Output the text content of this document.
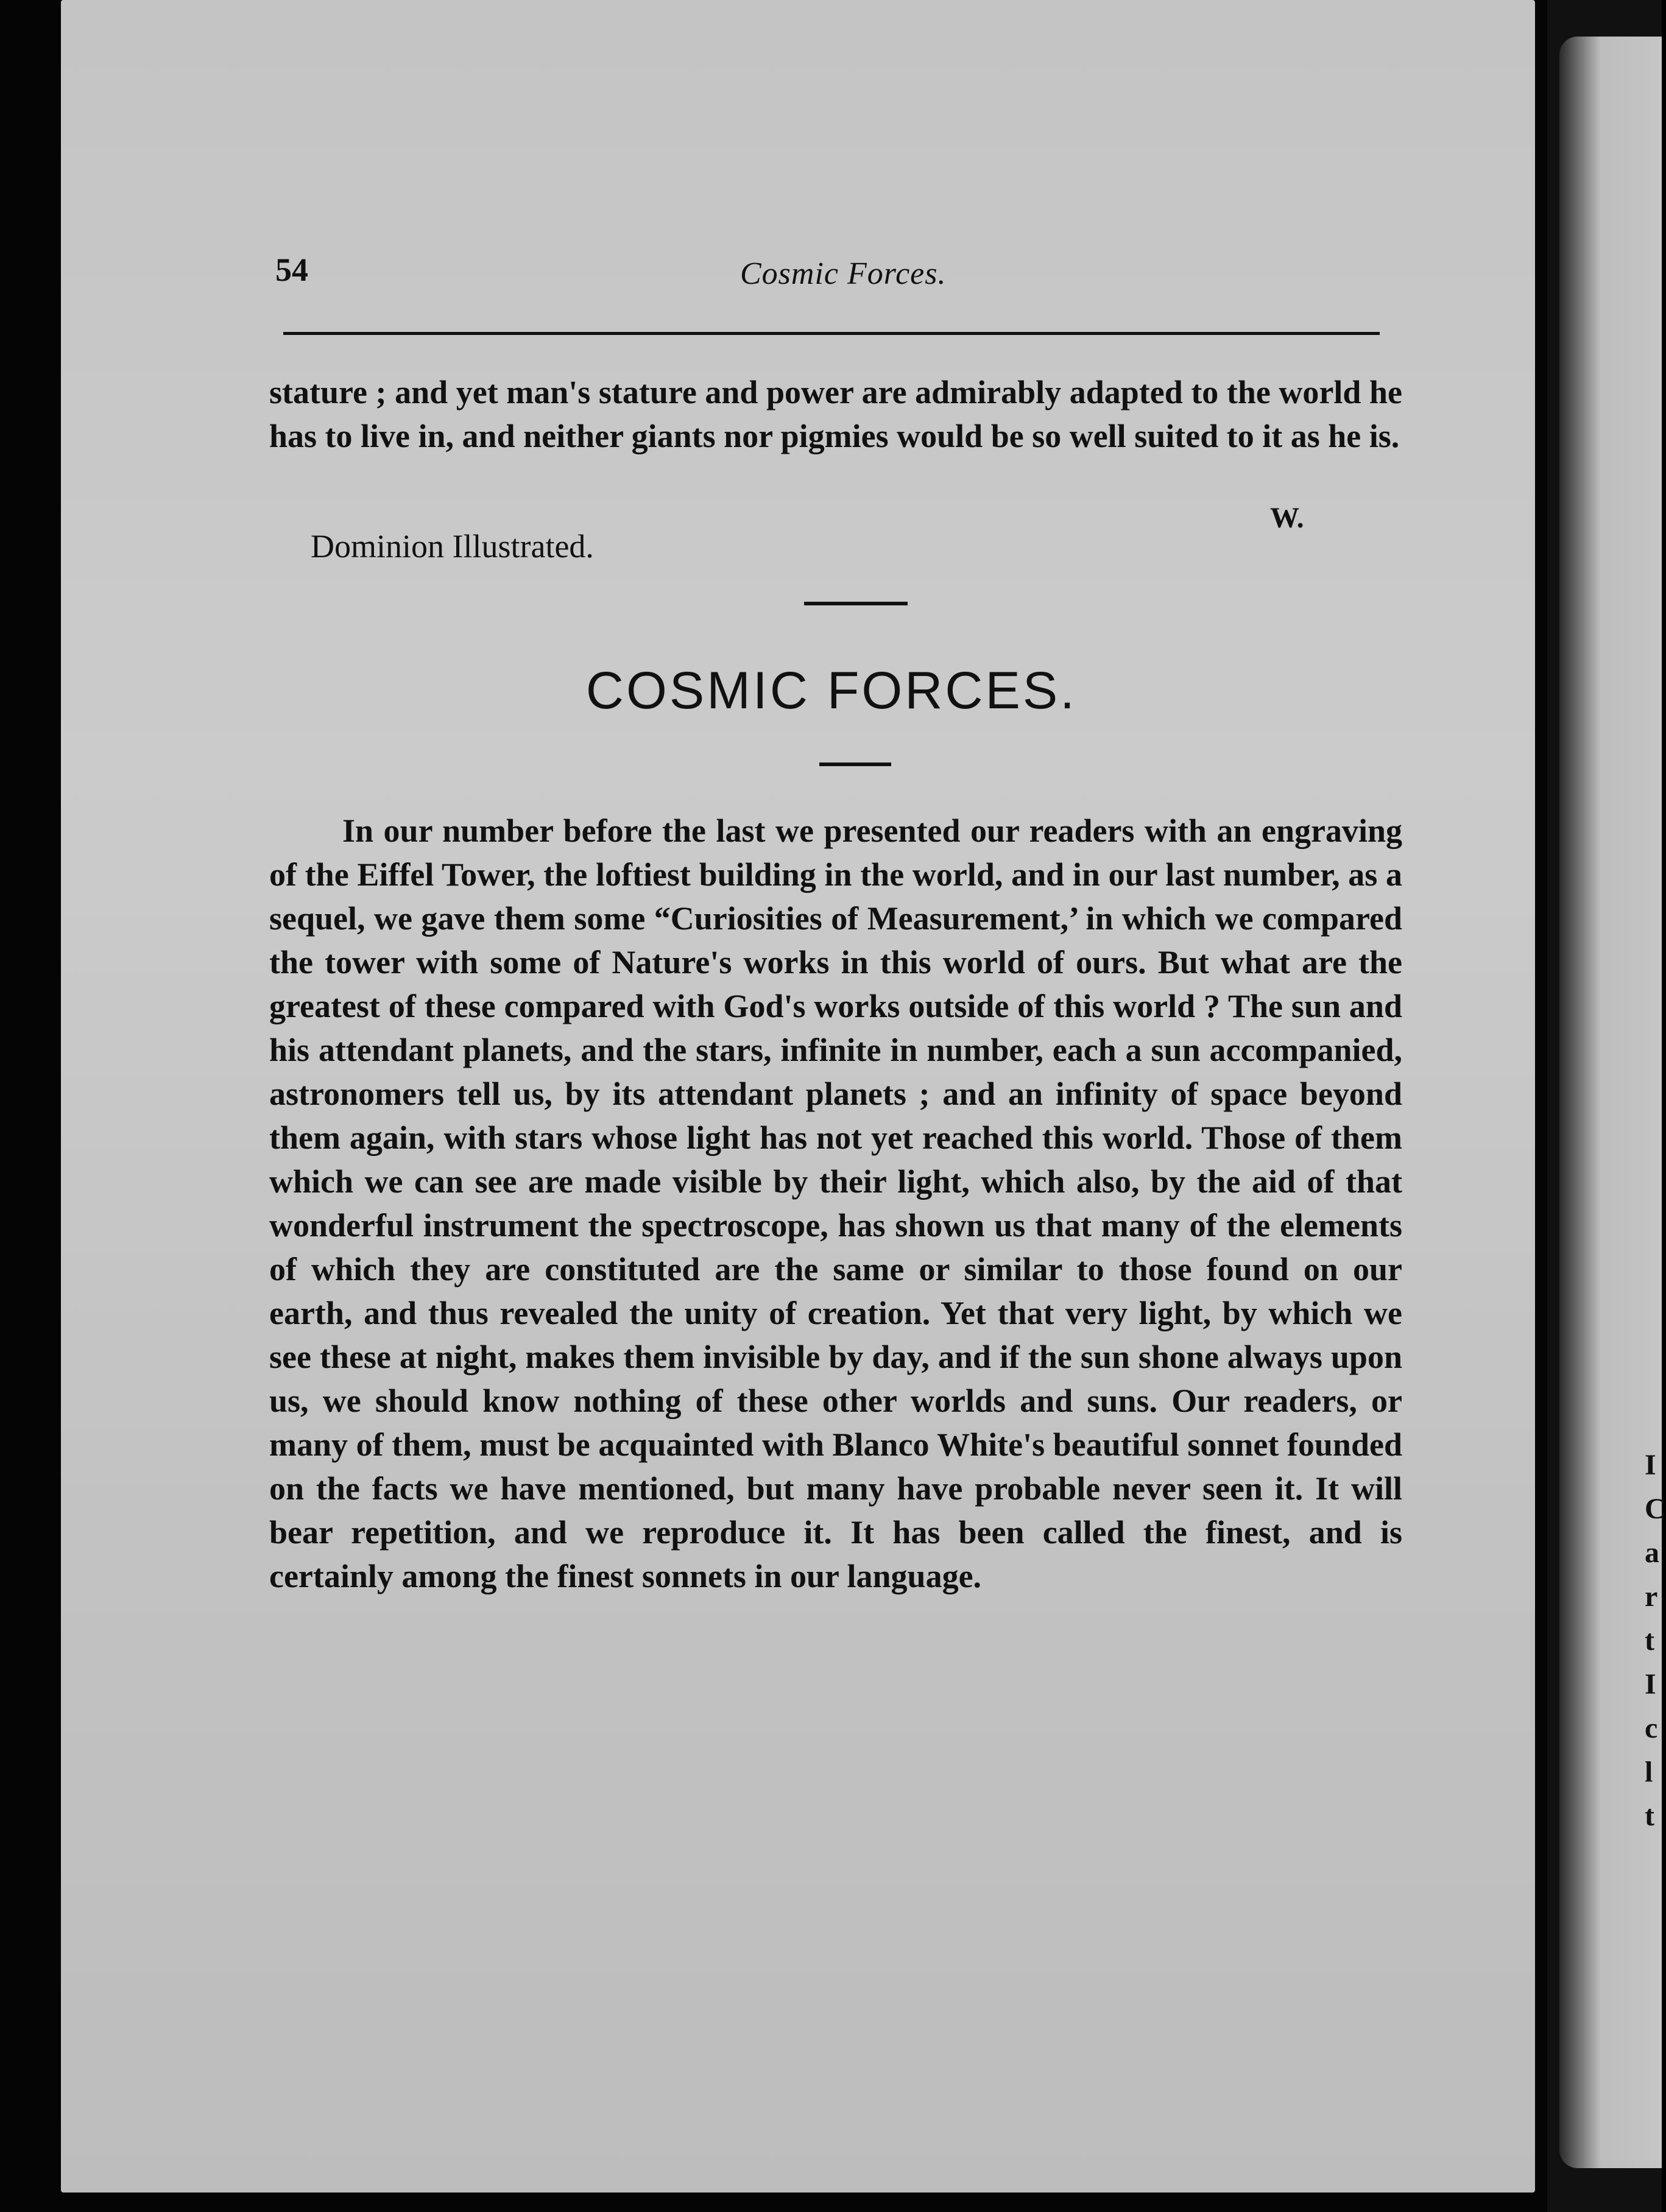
I
C
a
r
t
I
c
l
t
54	Cosmic Forces.

stature ; and yet man's stature and power are admirably adapted to the world he has to live in, and neither giants nor pigmies would be so well suited to it as he is.

W.
Dominion Illustrated.
COSMIC FORCES.

In our number before the last we presented our readers with an engraving of the Eiffel Tower, the loftiest building in the world, and in our last number, as a sequel, we gave them some “Curiosities of Measurement,’ in which we compared the tower with some of Nature's works in this world of ours. But what are the greatest of these compared with God's works outside of this world ? The sun and his attendant planets, and the stars, infinite in number, each a sun accompanied, astronomers tell us, by its attendant planets ; and an infinity of space beyond them again, with stars whose light has not yet reached this world. Those of them which we can see are made visible by their light, which also, by the aid of that wonderful instrument the spectroscope, has shown us that many of the elements of which they are constituted are the same or similar to those found on our earth, and thus revealed the unity of creation. Yet that very light, by which we see these at night, makes them invisible by day, and if the sun shone always upon us, we should know nothing of these other worlds and suns. Our readers, or many of them, must be acquainted with Blanco White's beautiful sonnet founded on the facts we have mentioned, but many have probable never seen it. It will bear repetition, and we reproduce it. It has been called the finest, and is certainly among the finest sonnets in our language.
